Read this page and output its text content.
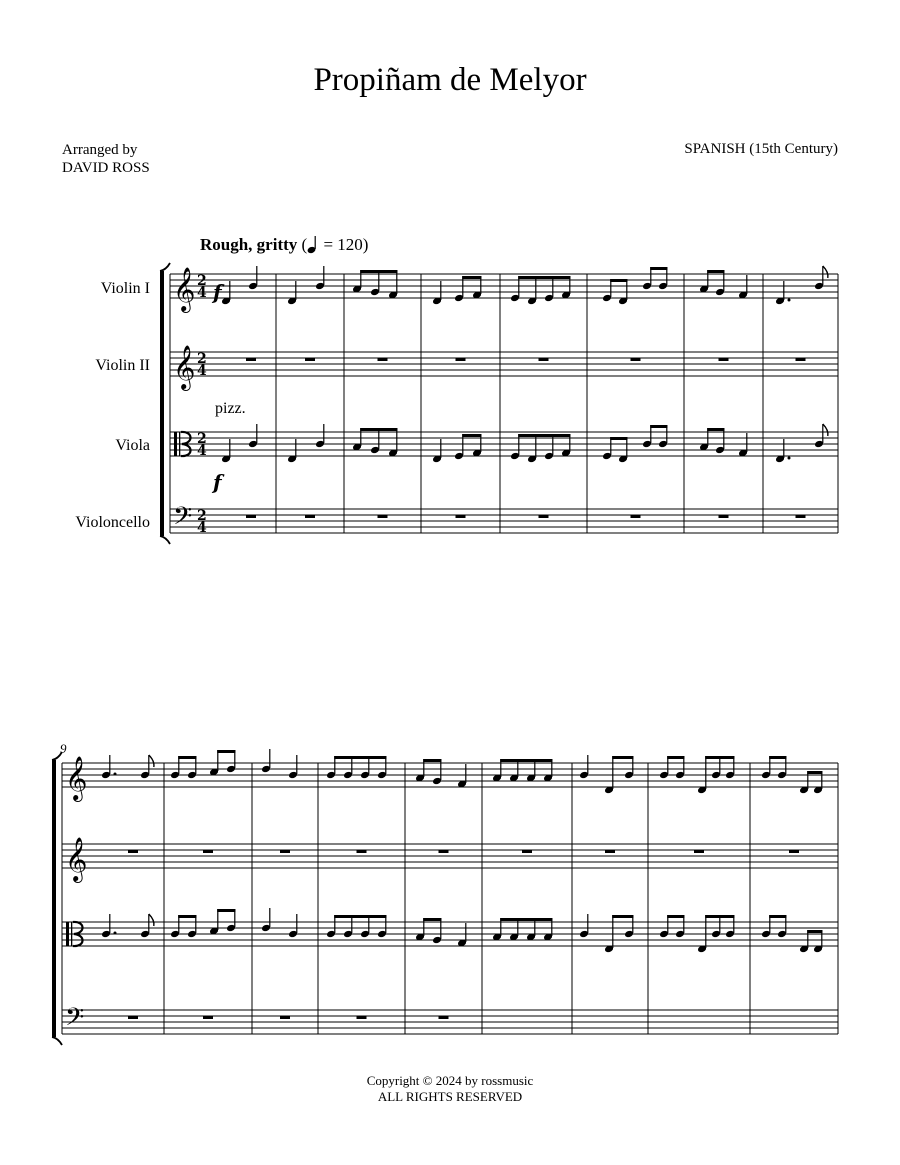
Propiñam de Melyor
Arranged by
DAVID ROSS
SPANISH (15th Century)
Rough, gritty ( = 120)
pizz.
Violin I
Violin II
Viola
Violoncello
9
𝄞 2
4
𝄞 2
4
2
4
𝄢 2
4
f
f
𝄞
𝄞
𝄢
Copyright © 2024 by rossmusic
ALL RIGHTS RESERVED
